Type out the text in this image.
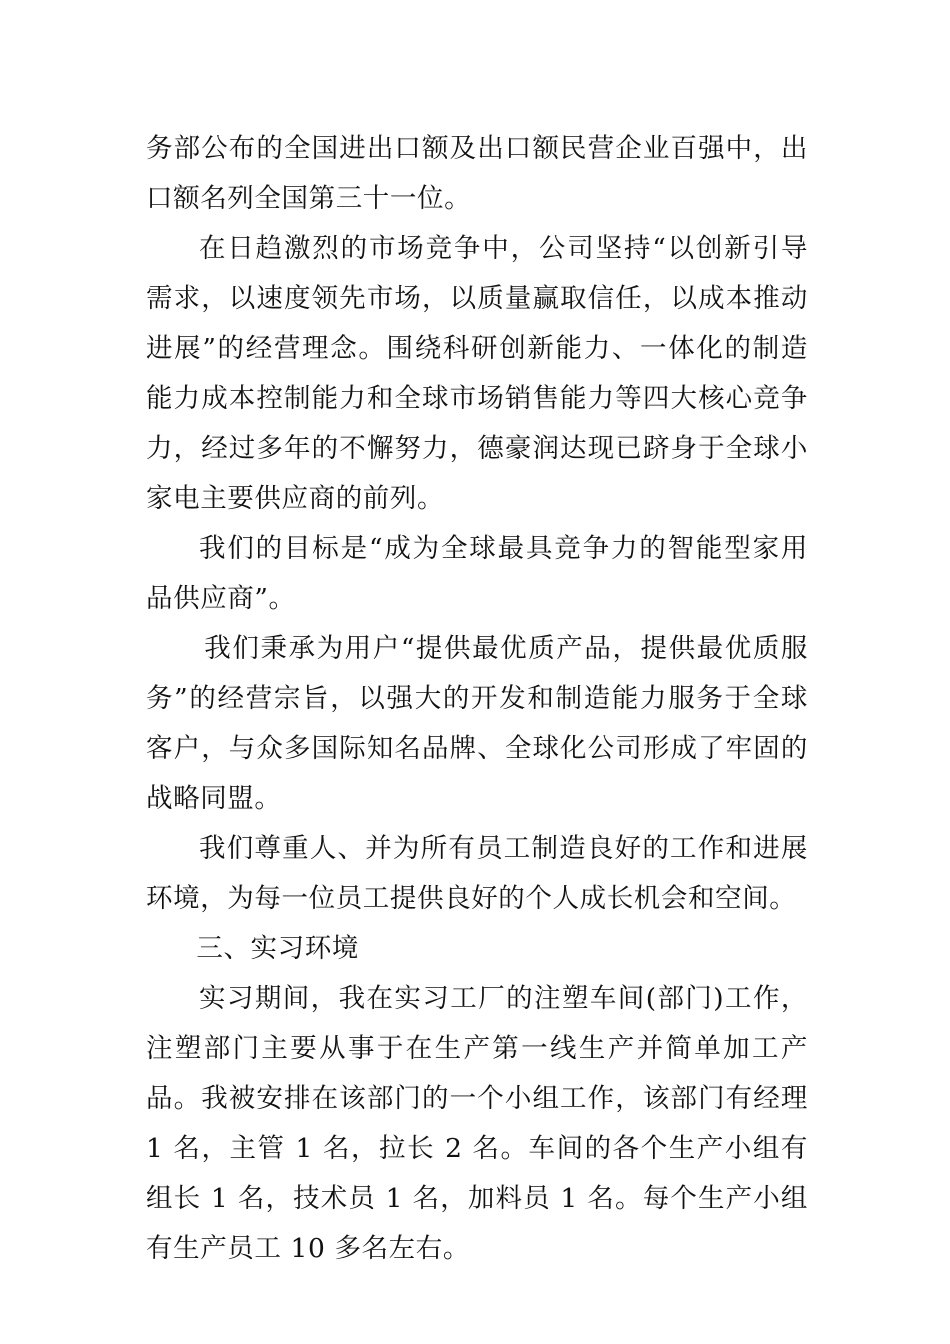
务部公布的全国进出口额及出口额民营企业百强中，出口额名列全国第三十一位。

在日趋激烈的市场竞争中，公司坚持“以创新引导需求，以速度领先市场，以质量赢取信任，以成本推动进展”的经营理念。围绕科研创新能力、一体化的制造能力成本控制能力和全球市场销售能力等四大核心竞争力，经过多年的不懈努力，德豪润达现已跻身于全球小家电主要供应商的前列。

我们的目标是“成为全球最具竞争力的智能型家用品供应商”。

我们秉承为用户“提供最优质产品，提供最优质服务”的经营宗旨，以强大的开发和制造能力服务于全球客户，与众多国际知名品牌、全球化公司形成了牢固的战略同盟。

我们尊重人、并为所有员工制造良好的工作和进展环境，为每一位员工提供良好的个人成长机会和空间。

三、实习环境

实习期间，我在实习工厂的注塑车间(部门)工作，注塑部门主要从事于在生产第一线生产并简单加工产品。我被安排在该部门的一个小组工作，该部门有经理 1 名，主管 1 名，拉长 2 名。车间的各个生产小组有组长 1 名，技术员 1 名，加料员 1 名。每个生产小组有生产员工 10 多名左右。
